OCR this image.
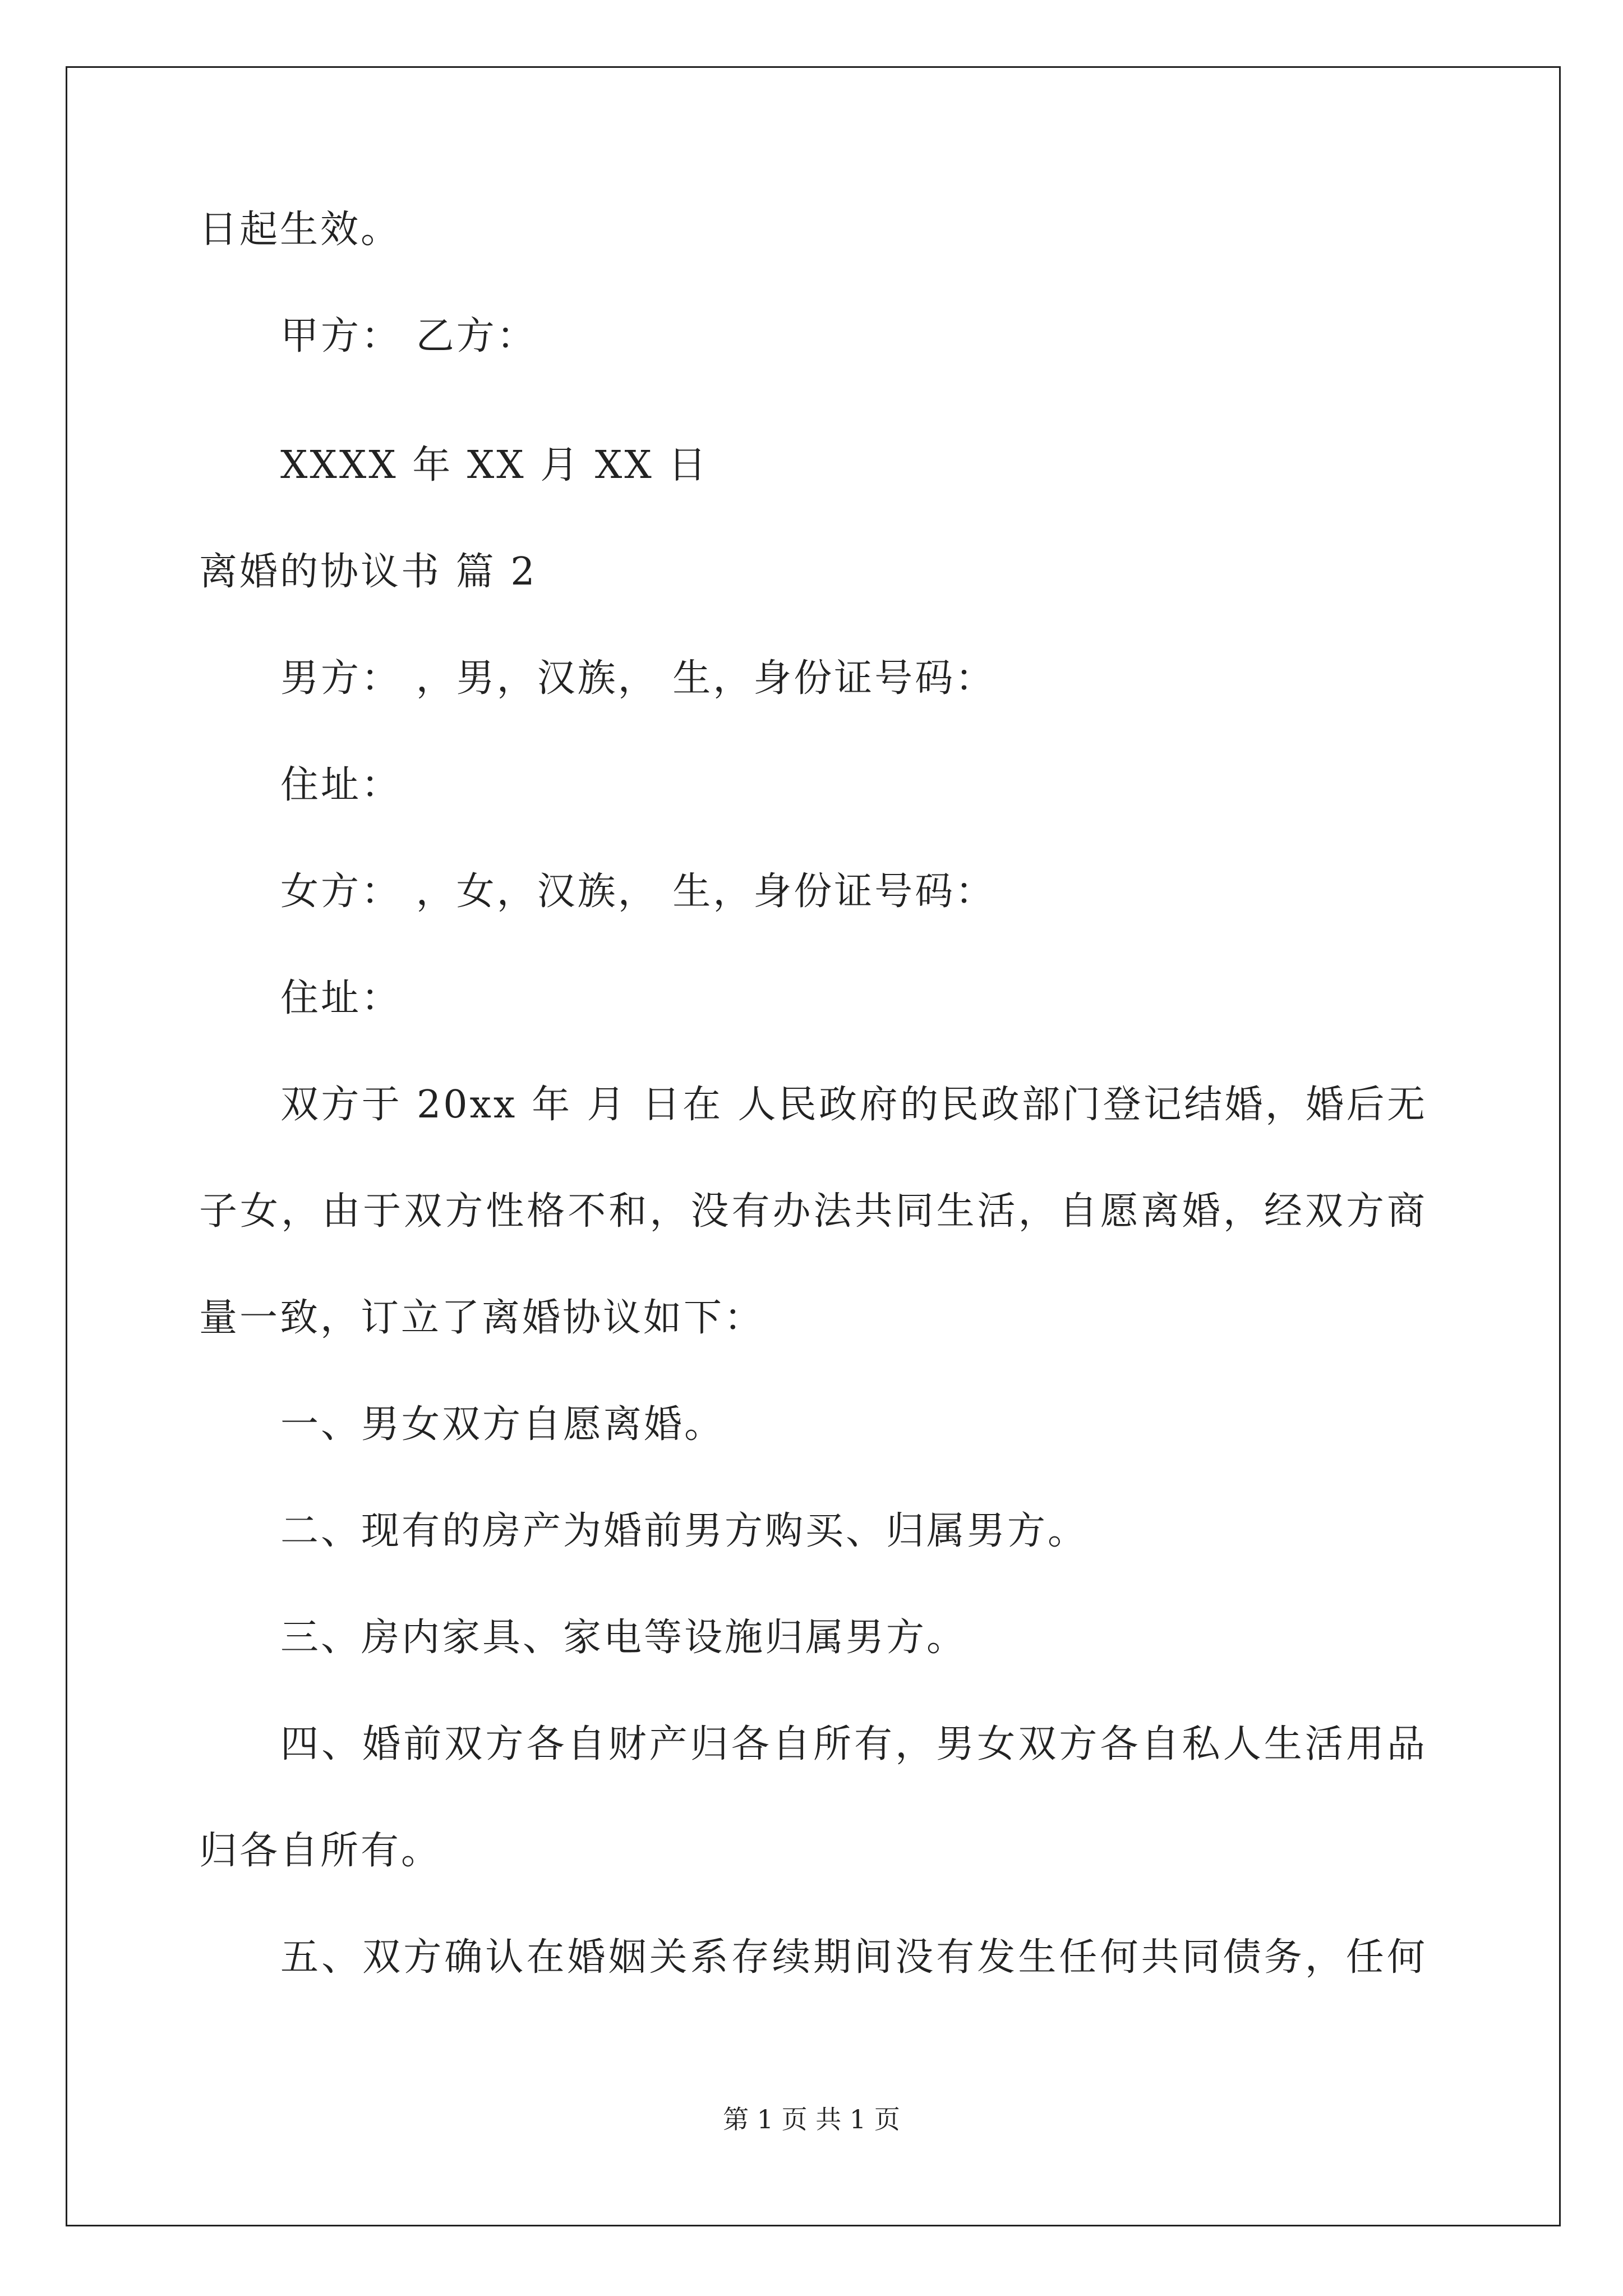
日起生效。
甲方： 乙方：
XXXX 年 XX 月 XX 日
离婚的协议书 篇 2
男方： ，男，汉族， 生，身份证号码：
住址：
女方： ，女，汉族， 生，身份证号码：
住址：
双方于 20xx 年 月 日在 人民政府的民政部门登记结婚，婚后无
子女，由于双方性格不和，没有办法共同生活，自愿离婚，经双方商
量一致，订立了离婚协议如下：
一、男女双方自愿离婚。
二、现有的房产为婚前男方购买、归属男方。
三、房内家具、家电等设施归属男方。
四、婚前双方各自财产归各自所有，男女双方各自私人生活用品
归各自所有。
五、双方确认在婚姻关系存续期间没有发生任何共同债务，任何
第 1 页 共 1 页
